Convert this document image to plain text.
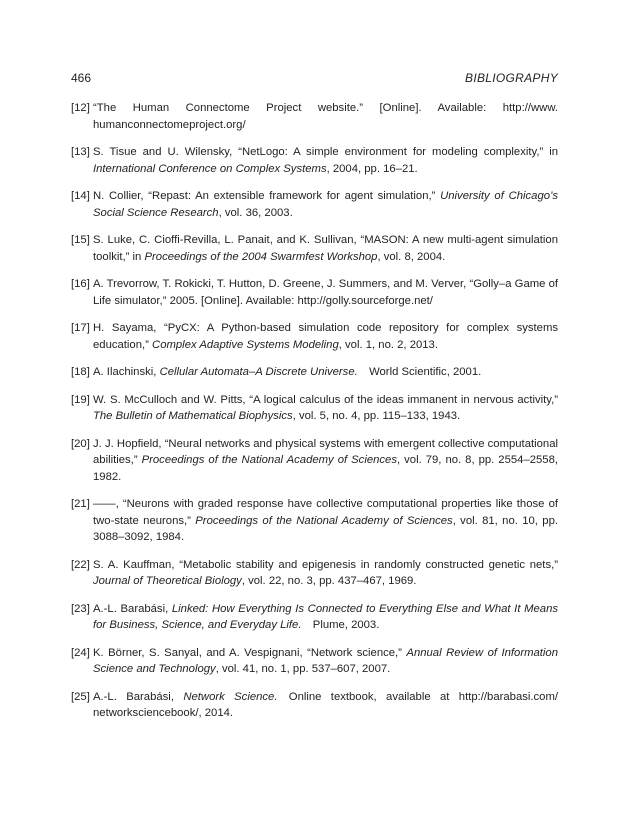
466	BIBLIOGRAPHY

[12] “The Human Connectome Project website.” [Online]. Available: http://www.​humanconnectomeproject.org/

[13] S. Tisue and U. Wilensky, “NetLogo: A simple environment for modeling complexity,” in International Conference on Complex Systems, 2004, pp. 16–21.

[14] N. Collier, “Repast: An extensible framework for agent simulation,” University of Chicago’s Social Science Research, vol. 36, 2003.

[15] S. Luke, C. Cioffi-Revilla, L. Panait, and K. Sullivan, “MASON: A new multi-agent simulation toolkit,” in Proceedings of the 2004 Swarmfest Workshop, vol. 8, 2004.

[16] A. Trevorrow, T. Rokicki, T. Hutton, D. Greene, J. Summers, and M. Verver, “Golly–a Game of Life simulator,” 2005. [Online]. Available: http://golly.sourceforge.net/

[17] H. Sayama, “PyCX: A Python-based simulation code repository for complex systems education,” Complex Adaptive Systems Modeling, vol. 1, no. 2, 2013.

[18] A. Ilachinski, Cellular Automata–A Discrete Universe.  World Scientific, 2001.

[19] W. S. McCulloch and W. Pitts, “A logical calculus of the ideas immanent in nervous activity,” The Bulletin of Mathematical Biophysics, vol. 5, no. 4, pp. 115–133, 1943.

[20] J. J. Hopfield, “Neural networks and physical systems with emergent collective computational abilities,” Proceedings of the National Academy of Sciences, vol. 79, no. 8, pp. 2554–2558, 1982.

[21] ——, “Neurons with graded response have collective computational properties like those of two-state neurons,” Proceedings of the National Academy of Sciences, vol. 81, no. 10, pp. 3088–3092, 1984.

[22] S. A. Kauffman, “Metabolic stability and epigenesis in randomly constructed genetic nets,” Journal of Theoretical Biology, vol. 22, no. 3, pp. 437–467, 1969.

[23] A.-L. Barabási, Linked: How Everything Is Connected to Everything Else and What It Means for Business, Science, and Everyday Life.  Plume, 2003.

[24] K. Börner, S. Sanyal, and A. Vespignani, “Network science,” Annual Review of Information Science and Technology, vol. 41, no. 1, pp. 537–607, 2007.

[25] A.-L. Barabási, Network Science.  Online textbook, available at http://barabasi.com/​networksciencebook/, 2014.
